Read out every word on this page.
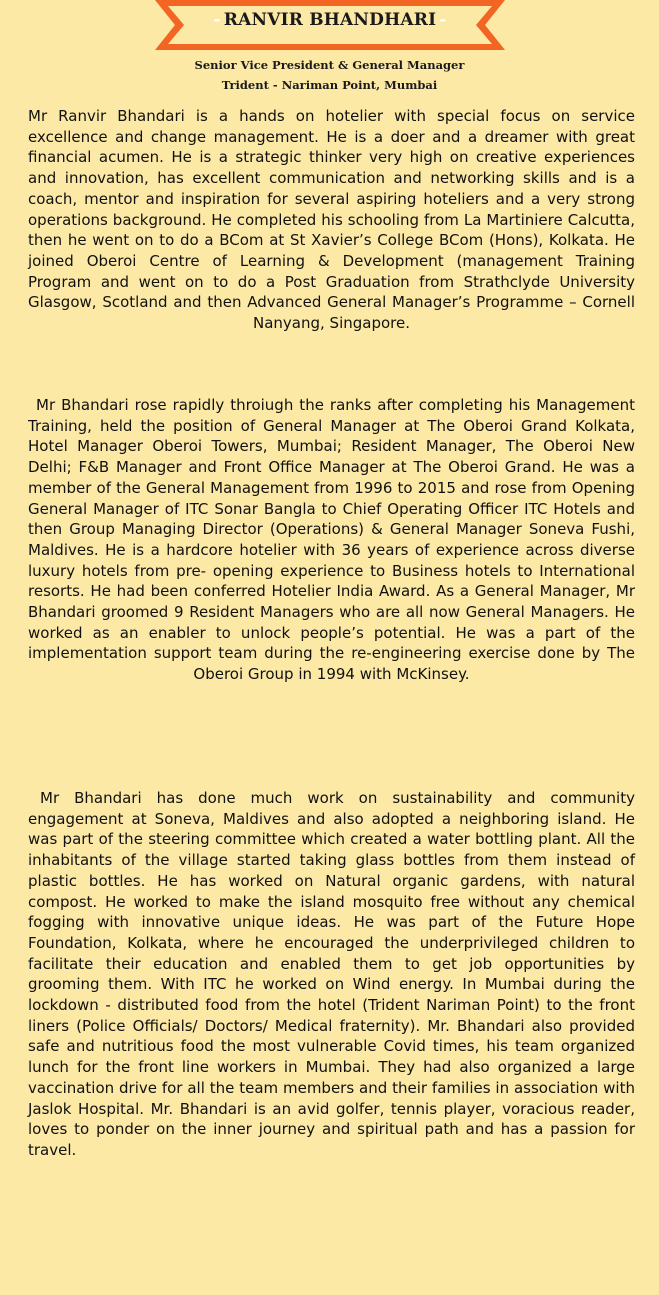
- RANVIR BHANDHARI -
Senior Vice President & General Manager
Trident - Nariman Point, Mumbai

Mr Ranvir Bhandari is a hands on hotelier with special focus on service excellence and change management. He is a doer and a dreamer with great financial acumen. He is a strategic thinker very high on creative experiences and innovation, has excellent communication and networking skills and is a coach, mentor and inspiration for several aspiring hoteliers and a very strong operations background. He completed his schooling from La Martiniere Calcutta, then he went on to do a BCom at St Xavier’s College BCom (Hons), Kolkata. He joined Oberoi Centre of Learning & Development (management Training Program and went on to do a Post Graduation from Strathclyde University Glasgow, Scotland and then Advanced General Manager’s Programme – Cornell Nanyang, Singapore.

Mr Bhandari rose rapidly throiugh the ranks after completing his Management Training, held the position of General Manager at The Oberoi Grand Kolkata, Hotel Manager Oberoi Towers, Mumbai; Resident Manager, The Oberoi New Delhi; F&B Manager and Front Office Manager at The Oberoi Grand. He was a member of the General Management from 1996 to 2015 and rose from Opening General Manager of ITC Sonar Bangla to Chief Operating Officer ITC Hotels and then Group Managing Director (Operations) & General Manager Soneva Fushi, Maldives. He is a hardcore hotelier with 36 years of experience across diverse luxury hotels from pre- opening experience to Business hotels to International resorts. He had been conferred Hotelier India Award. As a General Manager, Mr Bhandari groomed 9 Resident Managers who are all now General Managers. He worked as an enabler to unlock people’s potential. He was a part of the implementation support team during the re-engineering exercise done by The Oberoi Group in 1994 with McKinsey.

Mr Bhandari has done much work on sustainability and community engagement at Soneva, Maldives and also adopted a neighboring island. He was part of the steering committee which created a water bottling plant. All the inhabitants of the village started taking glass bottles from them instead of plastic bottles. He has worked on Natural organic gardens, with natural compost. He worked to make the island mosquito free without any chemical fogging with innovative unique ideas. He was part of the Future Hope Foundation, Kolkata, where he encouraged the underprivileged children to facilitate their education and enabled them to get job opportunities by grooming them. With ITC he worked on Wind energy. In Mumbai during the lockdown - distributed food from the hotel (Trident Nariman Point) to the front liners (Police Officials/ Doctors/ Medical fraternity). Mr. Bhandari also provided safe and nutritious food the most vulnerable Covid times, his team organized lunch for the front line workers in Mumbai. They had also organized a large vaccination drive for all the team members and their families in association with Jaslok Hospital. Mr. Bhandari is an avid golfer, tennis player, voracious reader, loves to ponder on the inner journey and spiritual path and has a passion for travel.
